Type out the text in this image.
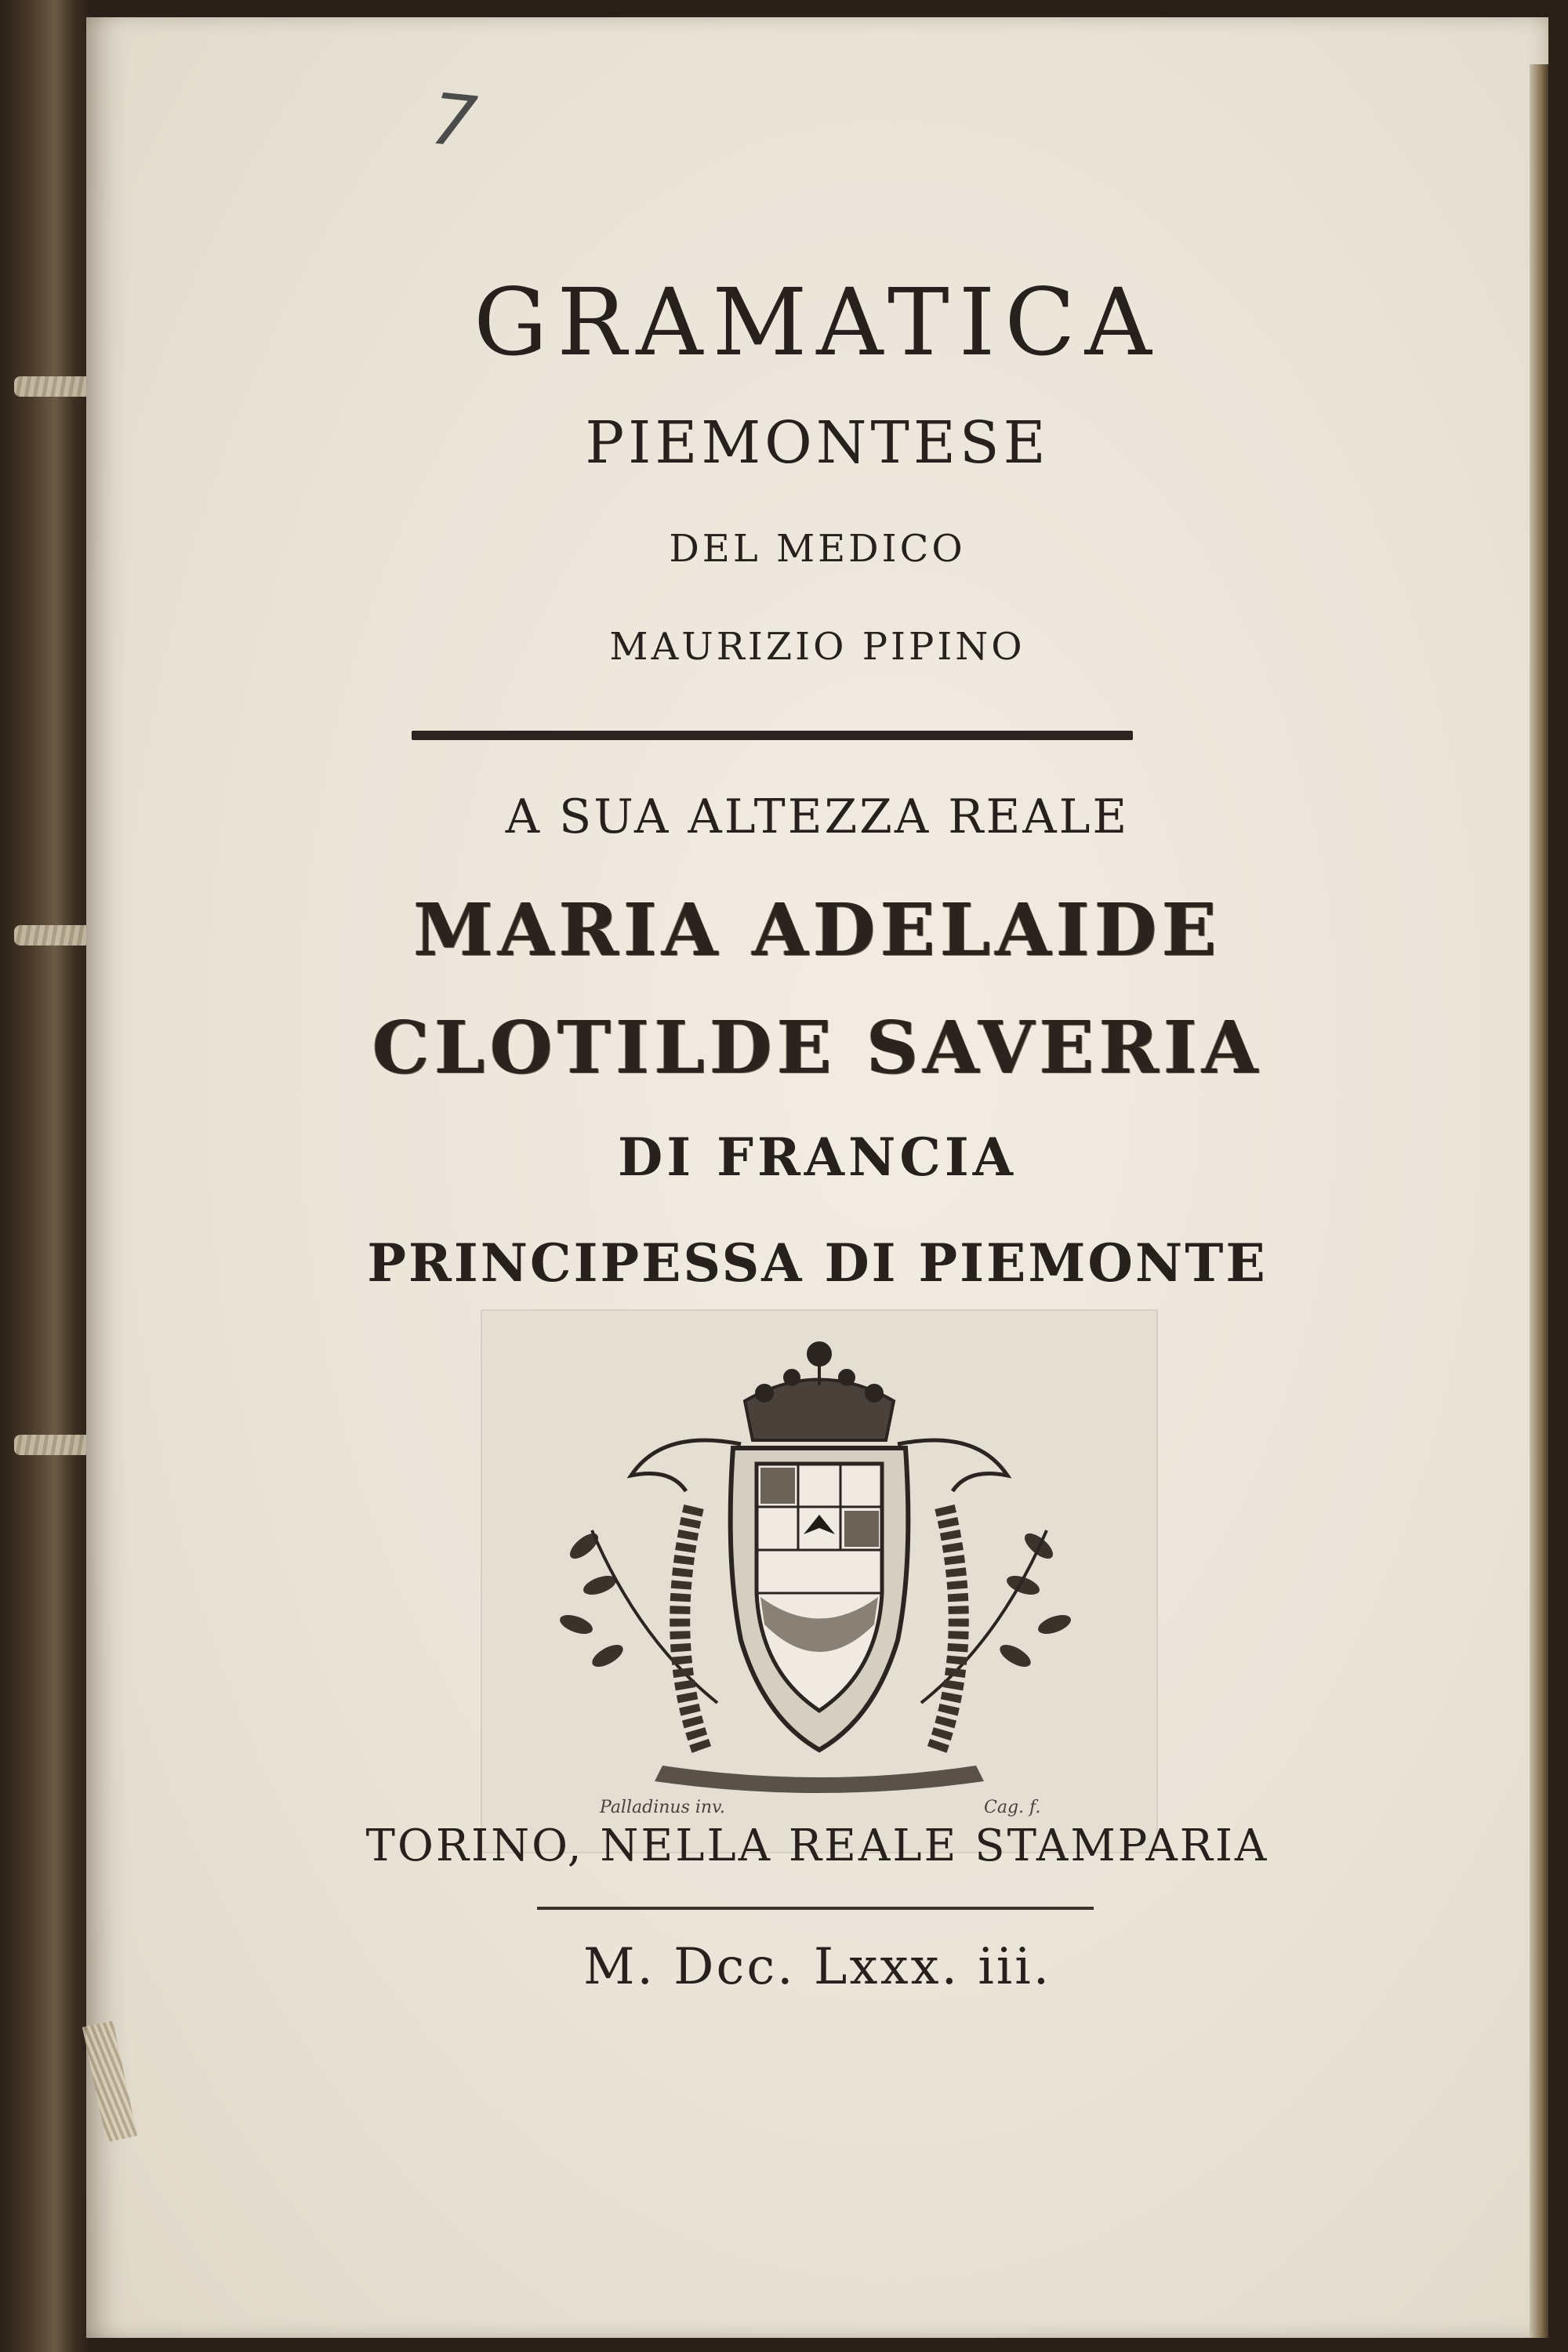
7
GRAMATICA
PIEMONTESE
DEL MEDICO
MAURIZIO PIPINO
A SUA ALTEZZA REALE
MARIA ADELAIDE
CLOTILDE SAVERIA
DI FRANCIA
PRINCIPESSA DI PIEMONTE
Palladinus inv.	Cag. f.
TORINO, NELLA REALE STAMPARIA
M. Dcc. Lxxx. iii.
